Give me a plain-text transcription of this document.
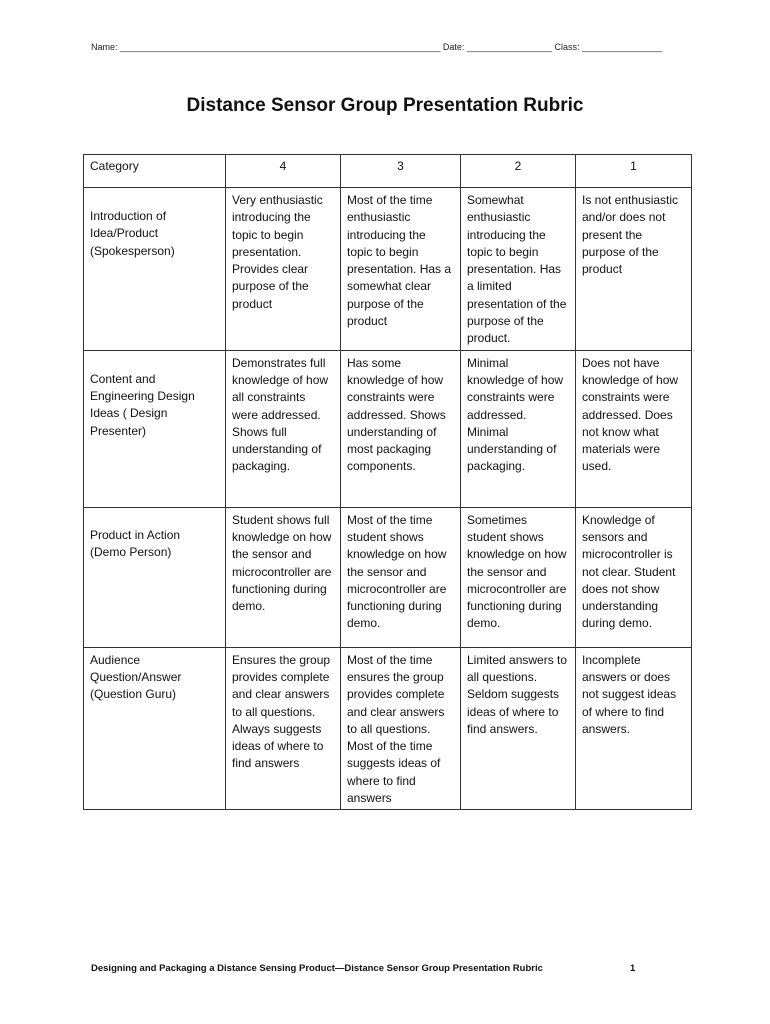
Name: ________________________________________________________________ Date: _________________ Class: ________________
Distance Sensor Group Presentation Rubric
Category	4	3	2	1
Introduction of Idea/Product (Spokesperson)	Very enthusiastic introducing the topic to begin presentation. Provides clear purpose of the product	Most of the time enthusiastic introducing the topic to begin presentation. Has a somewhat clear purpose of the product	Somewhat enthusiastic introducing the topic to begin presentation. Has a limited presentation of the purpose of the product.	Is not enthusiastic and/or does not present the purpose of the product
Content and Engineering Design Ideas ( Design Presenter)	Demonstrates full knowledge of how all constraints were addressed. Shows full understanding of packaging.	Has some knowledge of how constraints were addressed. Shows understanding of most packaging components.	Minimal knowledge of how constraints were addressed. Minimal understanding of packaging.	Does not have knowledge of how constraints were addressed. Does not know what materials were used.
Product in Action (Demo Person)	Student shows full knowledge on how the sensor and microcontroller are functioning during demo.	Most of the time student shows knowledge on how the sensor and microcontroller are functioning during demo.	Sometimes student shows knowledge on how the sensor and microcontroller are functioning during demo.	Knowledge of sensors and microcontroller is not clear. Student does not show understanding during demo.
Audience Question/Answer (Question Guru)	Ensures the group provides complete and clear answers to all questions. Always suggests ideas of where to find answers	Most of the time ensures the group provides complete and clear answers to all questions. Most of the time suggests ideas of where to find answers	Limited answers to all questions. Seldom suggests ideas of where to find answers.	Incomplete answers or does not suggest ideas of where to find answers.
Designing and Packaging a Distance Sensing Product—Distance Sensor Group Presentation Rubric	1
